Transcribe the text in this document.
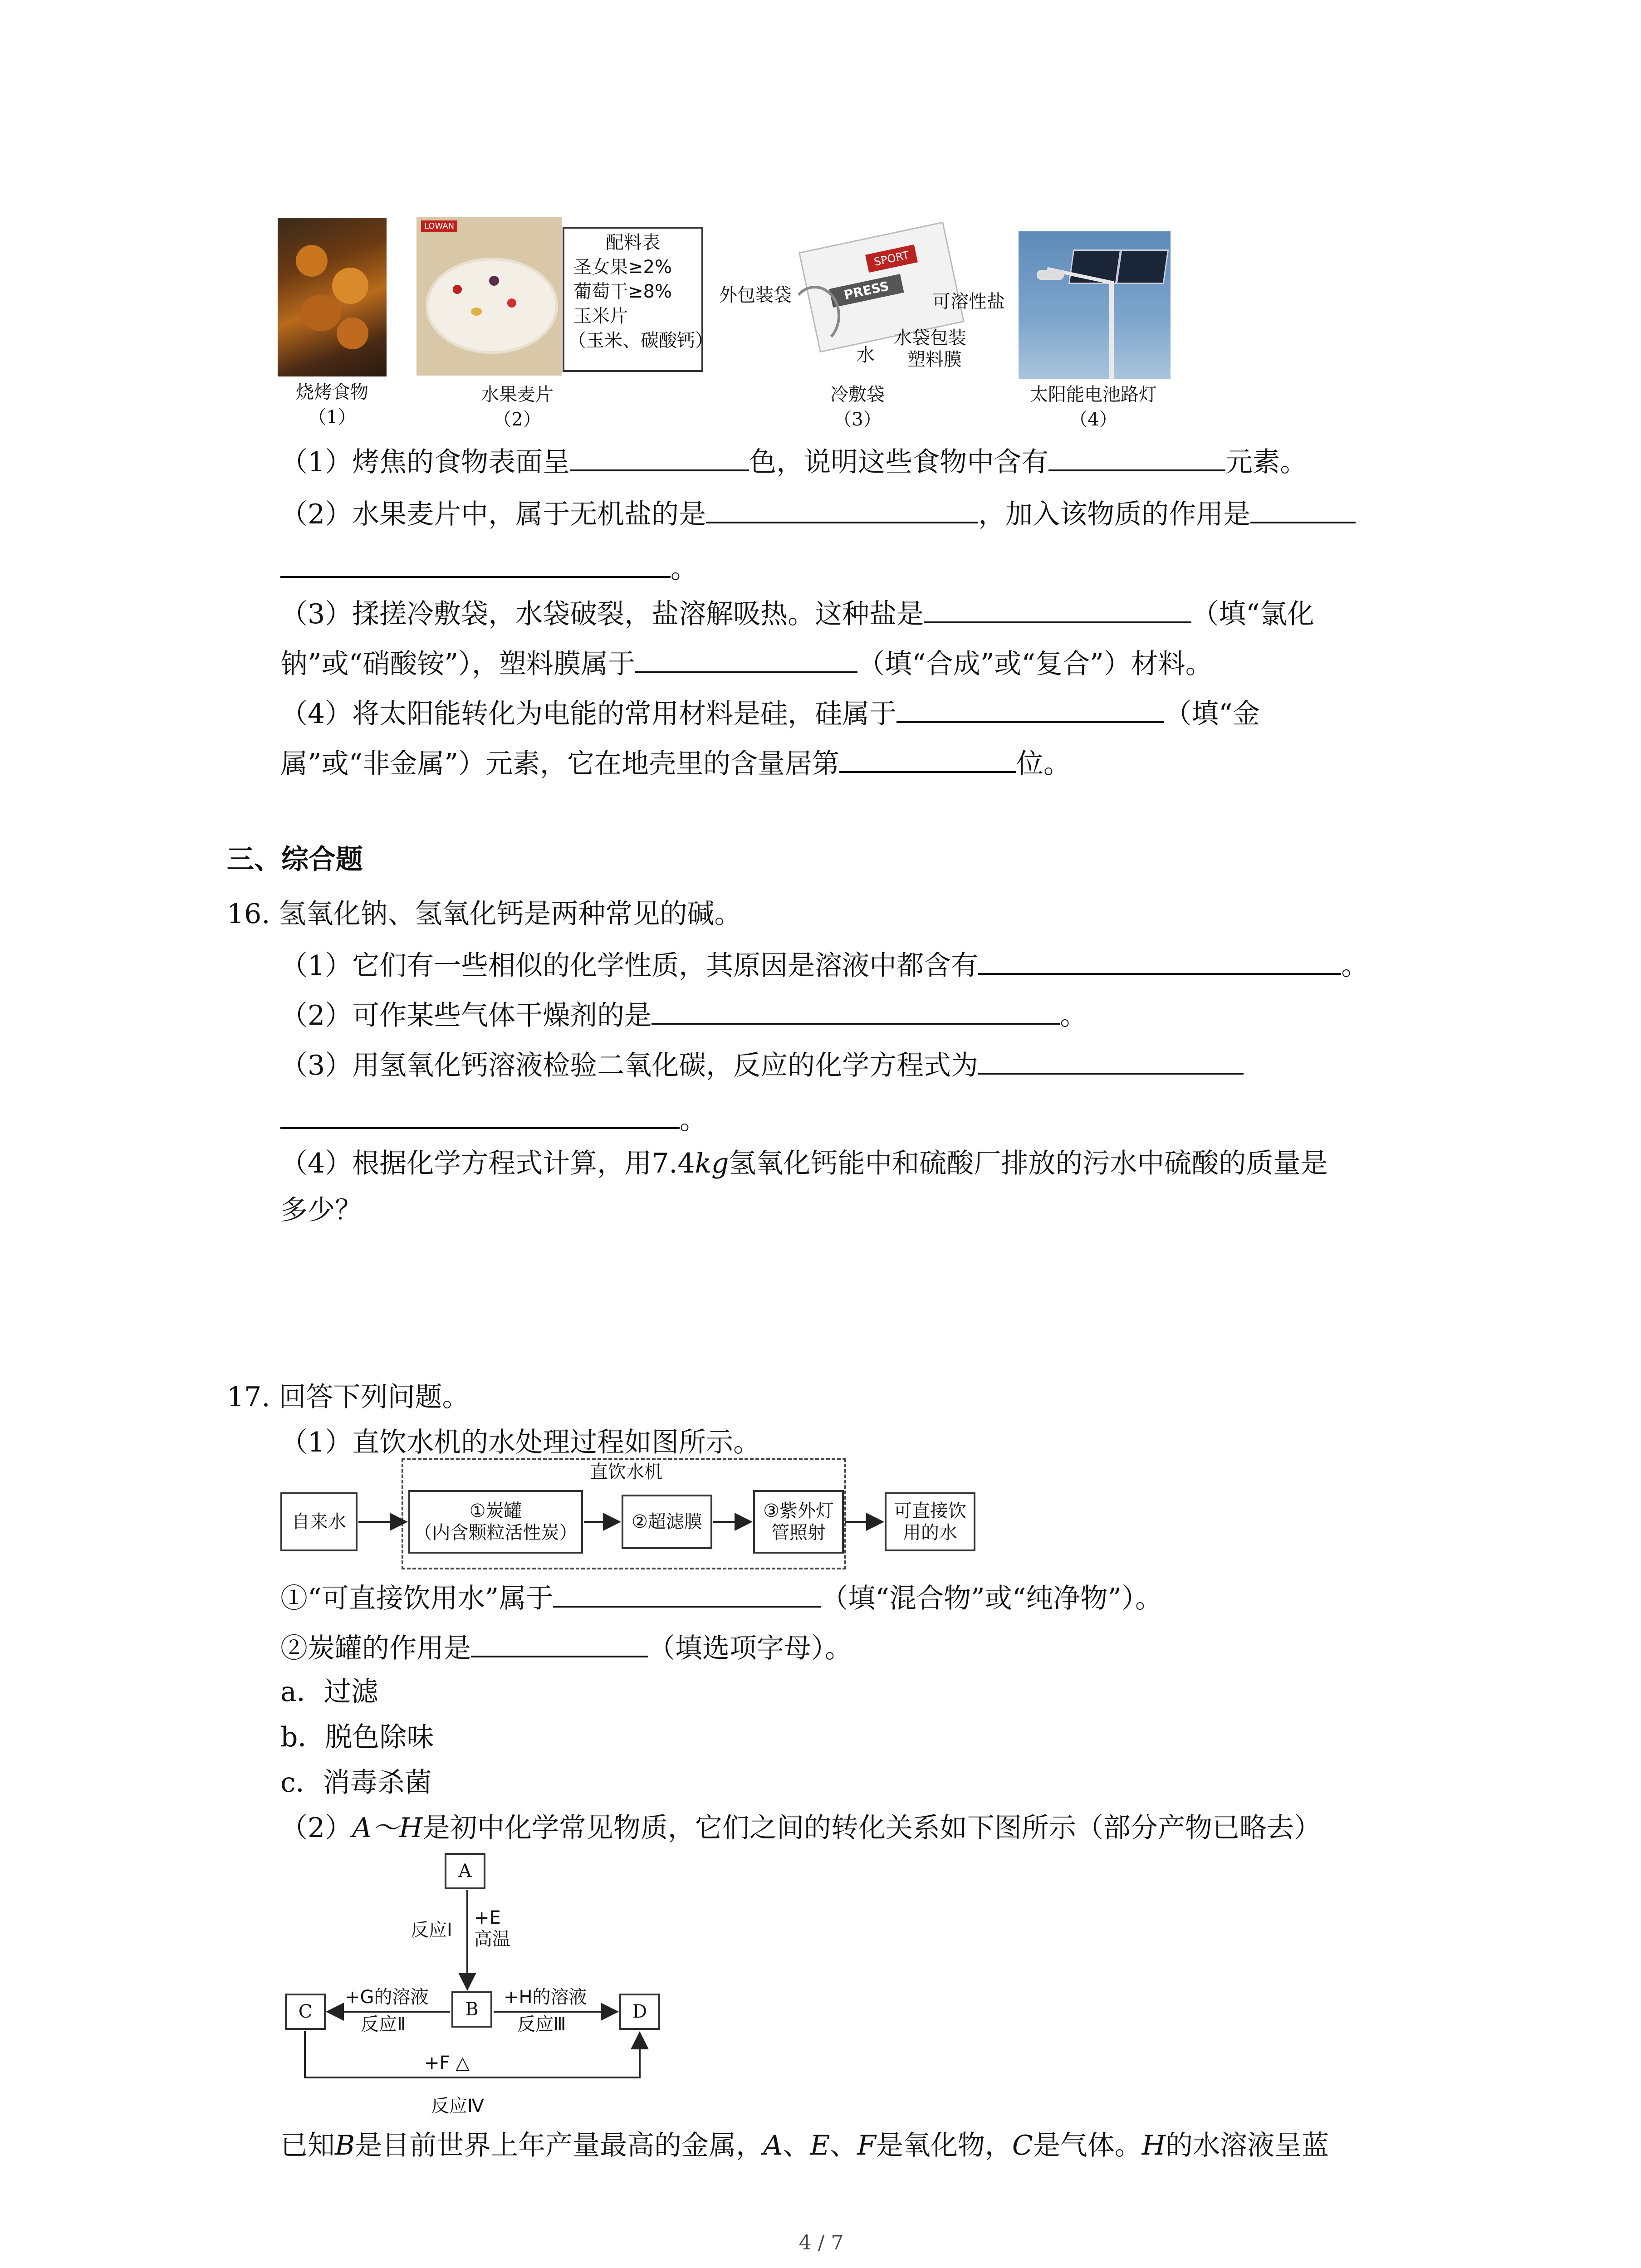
烧烤食物
（1）
LOWAN
配料表
圣女果≥2%
葡萄干≥8%
玉米片
（玉米、碳酸钙）
水果麦片
（2）
SPORT
PRESS
外包装袋	可溶性盐
水
水袋包装
塑料膜
冷敷袋
（3）
太阳能电池路灯
（4）
（1）烤焦的食物表面呈	色，说明这些食物中含有	元素。
（2）水果麦片中，属于无机盐的是	，加入该物质的作用是
。
（3）揉搓冷敷袋，水袋破裂，盐溶解吸热。这种盐是	（填“氯化
钠”或“硝酸铵”），塑料膜属于	（填“合成”或“复合”）材料。
（4）将太阳能转化为电能的常用材料是硅，硅属于	（填“金
属”或“非金属”）元素，它在地壳里的含量居第	位。
三、综合题
16. 氢氧化钠、氢氧化钙是两种常见的碱。
（1）它们有一些相似的化学性质，其原因是溶液中都含有	。
（2）可作某些气体干燥剂的是	。
（3）用氢氧化钙溶液检验二氧化碳，反应的化学方程式为
。
（4）根据化学方程式计算，用7.4kg氢氧化钙能中和硫酸厂排放的污水中硫酸的质量是
多少？
17. 回答下列问题。
（1）直饮水机的水处理过程如图所示。
直饮水机
自来水
①炭罐
（内含颗粒活性炭）
②超滤膜
③紫外灯
管照射
可直接饮
用的水
①“可直接饮用水”属于	（填“混合物”或“纯净物”）。
②炭罐的作用是	（填选项字母）。
a．过滤
b．脱色除味
c．消毒杀菌
（2）A～H是初中化学常见物质，它们之间的转化关系如下图所示（部分产物已略去）
A
B
C	D
反应Ⅰ
+E
高温
+G的溶液
反应Ⅱ
+H的溶液
反应Ⅲ
+F △
反应Ⅳ
已知B是目前世界上年产量最高的金属，A、E、F是氧化物，C是气体。H的水溶液呈蓝
4 / 7
